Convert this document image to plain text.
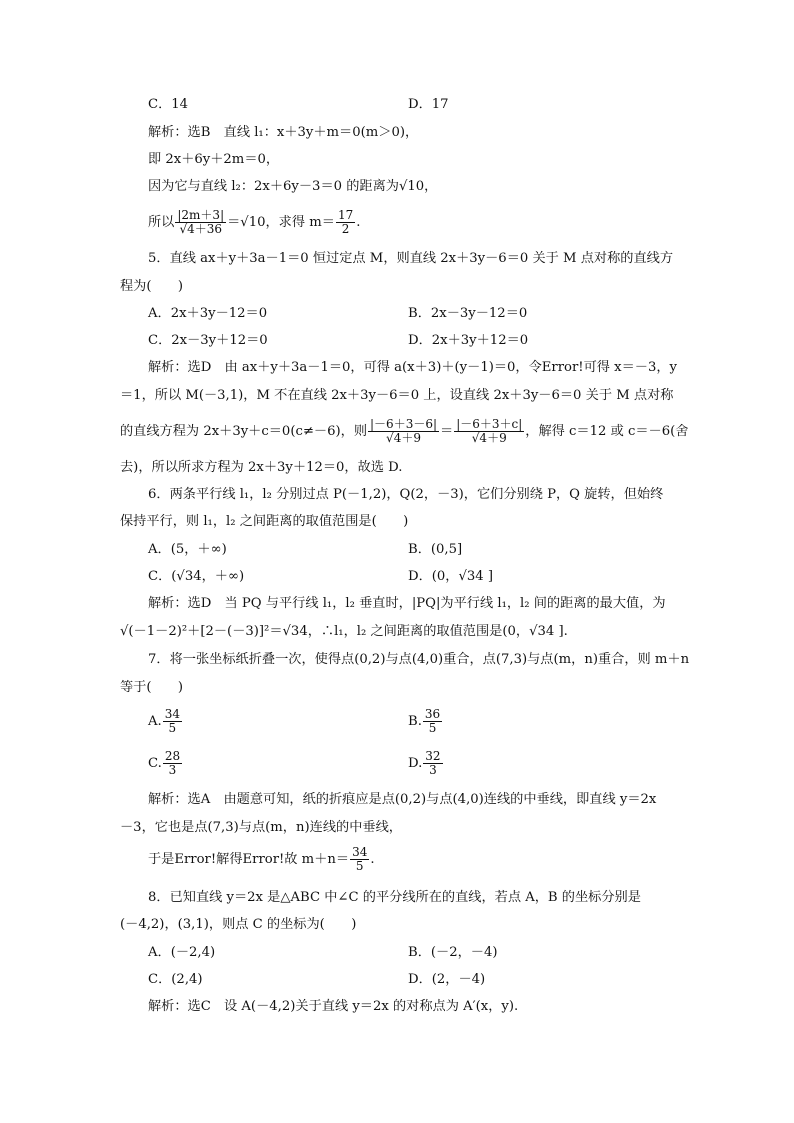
C．14	D．17
解析：选B　直线 l₁：x＋3y＋m＝0(m＞0)，
即 2x＋6y＋2m＝0，
因为它与直线 l₂：2x＋6y－3＝0 的距离为√10，
所以 $\frac{|2m+3|}{√4+36} =√10$，求得 $m= \frac{17}{2}$ .
5．直线 ax＋y＋3a－1＝0 恒过定点 M，则直线 2x＋3y－6＝0 关于 M 点对称的直线方
程为(　　)
A．2x＋3y－12＝0	B．2x－3y－12＝0
C．2x－3y＋12＝0	D．2x＋3y＋12＝0
解析：选D　由 ax＋y＋3a－1＝0，可得 a(x＋3)＋(y－1)＝0，令Error!可得 x＝－3，y
＝1，所以 M(－3,1)，M 不在直线 2x＋3y－6＝0 上，设直线 2x＋3y－6＝0 关于 M 点对称
的直线方程为 2x＋3y＋c＝0(c≠－6)，则 $\frac{|-6+3-6|}{√4+9} = \frac{|-6+3+c|}{√4+9}$ ，解得 c＝12 或 c＝－6(舍
去)，所以所求方程为 2x＋3y＋12＝0，故选 D.
6．两条平行线 l₁，l₂ 分别过点 P(－1,2)，Q(2，－3)，它们分别绕 P，Q 旋转，但始终
保持平行，则 l₁，l₂ 之间距离的取值范围是(　　)
A．(5，＋∞)	B．(0,5]
C．(√34，＋∞)	D．(0，√34 ]
解析：选D　当 PQ 与平行线 l₁，l₂ 垂直时，|PQ|为平行线 l₁，l₂ 间的距离的最大值，为
√(－1－2)²＋[2－(－3)]²＝√34，∴l₁，l₂ 之间距离的取值范围是(0，√34 ].
7．将一张坐标纸折叠一次，使得点(0,2)与点(4,0)重合，点(7,3)与点(m，n)重合，则 m＋n
等于(　　)
A. $\frac{34}{5}$	B. $\frac{36}{5}$
C. $\frac{28}{3}$	D. $\frac{32}{3}$
解析：选A　由题意可知，纸的折痕应是点(0,2)与点(4,0)连线的中垂线，即直线 y＝2x
－3，它也是点(7,3)与点(m，n)连线的中垂线，
于是Error!解得Error!故 $m+n= \frac{34}{5}$ .
8．已知直线 y＝2x 是△ABC 中∠C 的平分线所在的直线，若点 A，B 的坐标分别是
(－4,2)，(3,1)，则点 C 的坐标为(　　)
A．(－2,4)	B．(－2，－4)
C．(2,4)	D．(2，－4)
解析：选C　设 A(－4,2)关于直线 y＝2x 的对称点为 A′(x，y).
